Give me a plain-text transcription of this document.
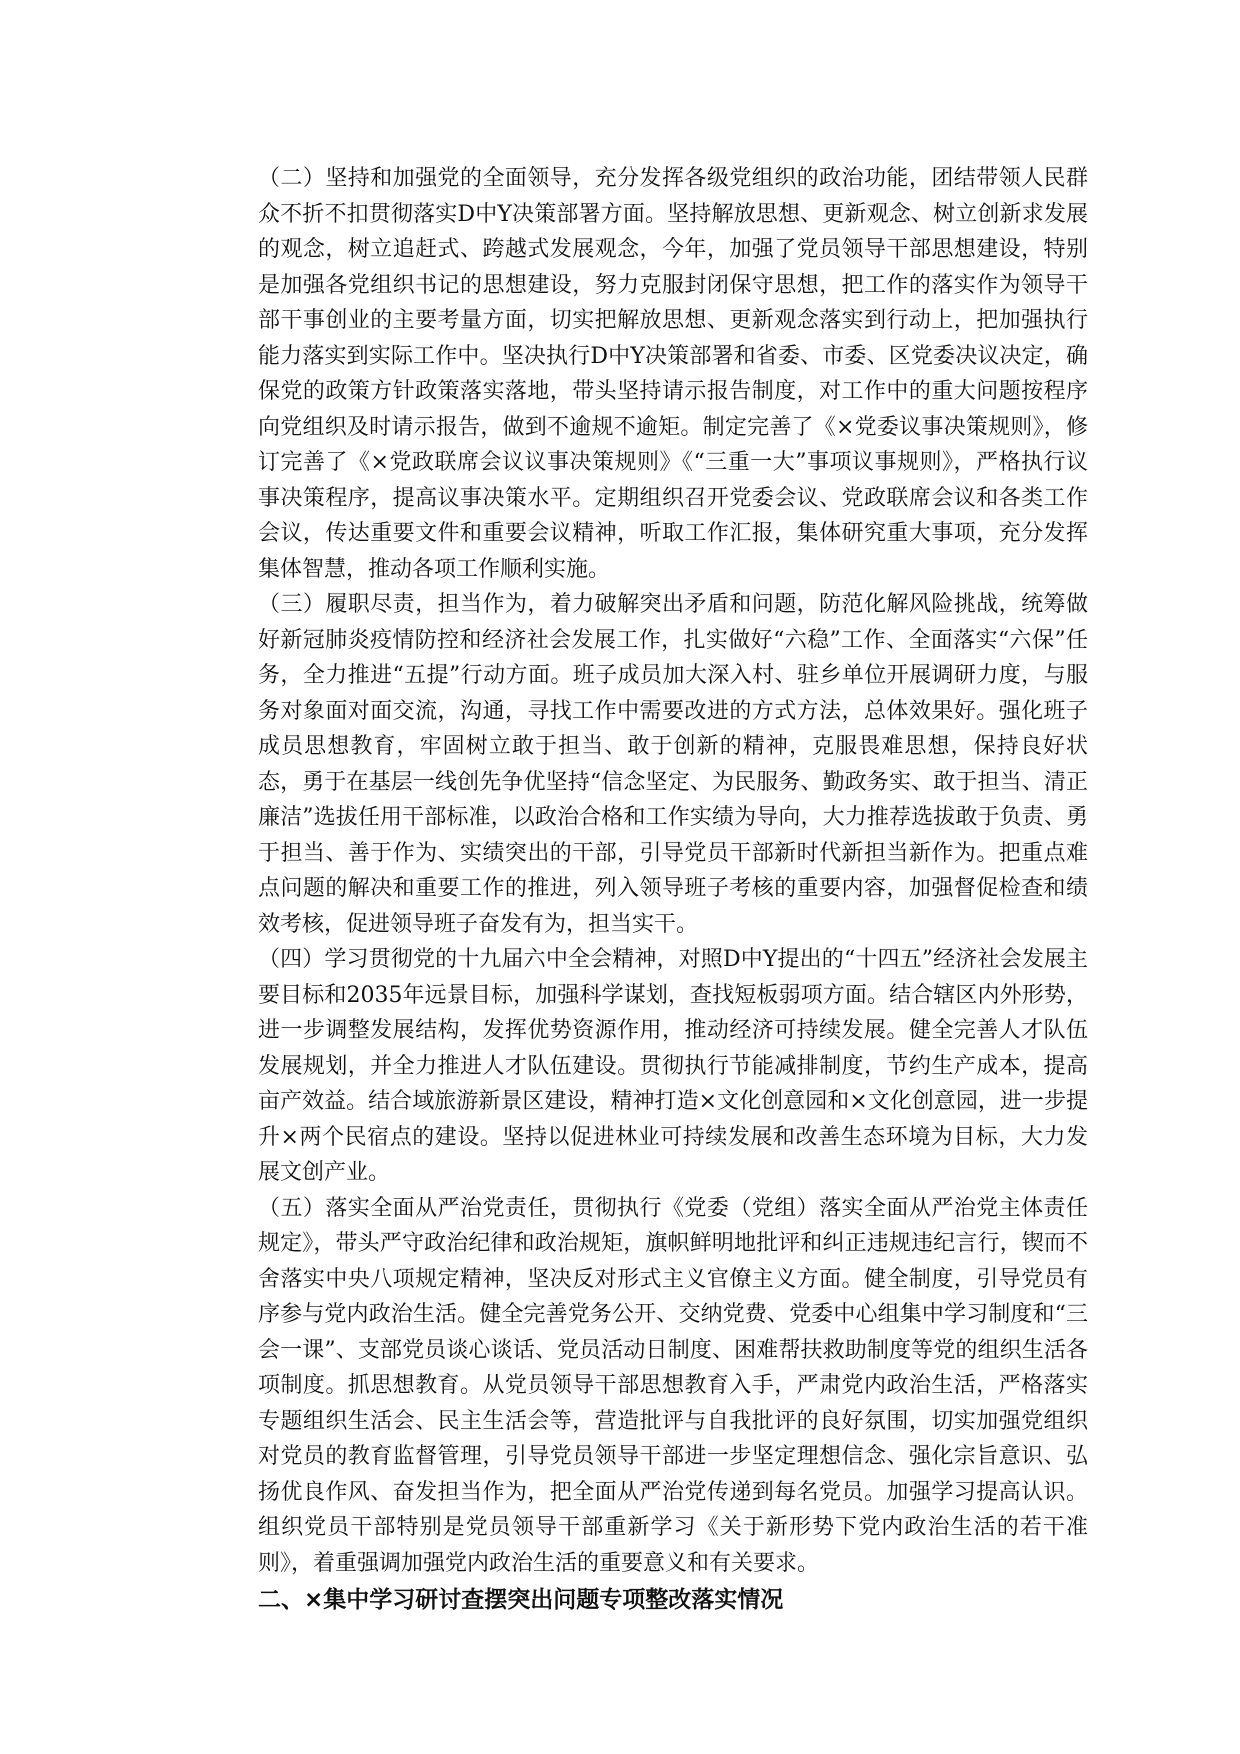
（二）坚持和加强党的全面领导，充分发挥各级党组织的政治功能，团结带领人民群众不折不扣贯彻落实D中Y决策部署方面。坚持解放思想、更新观念、树立创新求发展的观念，树立追赶式、跨越式发展观念，今年，加强了党员领导干部思想建设，特别是加强各党组织书记的思想建设，努力克服封闭保守思想，把工作的落实作为领导干部干事创业的主要考量方面，切实把解放思想、更新观念落实到行动上，把加强执行能力落实到实际工作中。坚决执行D中Y决策部署和省委、市委、区党委决议决定，确保党的政策方针政策落实落地，带头坚持请示报告制度，对工作中的重大问题按程序向党组织及时请示报告，做到不逾规不逾矩。制定完善了《×党委议事决策规则》，修订完善了《×党政联席会议议事决策规则》《“三重一大”事项议事规则》，严格执行议事决策程序，提高议事决策水平。定期组织召开党委会议、党政联席会议和各类工作会议，传达重要文件和重要会议精神，听取工作汇报，集体研究重大事项，充分发挥集体智慧，推动各项工作顺利实施。

（三）履职尽责，担当作为，着力破解突出矛盾和问题，防范化解风险挑战，统筹做好新冠肺炎疫情防控和经济社会发展工作，扎实做好“六稳”工作、全面落实“六保”任务，全力推进“五提”行动方面。班子成员加大深入村、驻乡单位开展调研力度，与服务对象面对面交流，沟通，寻找工作中需要改进的方式方法，总体效果好。强化班子成员思想教育，牢固树立敢于担当、敢于创新的精神，克服畏难思想，保持良好状态，勇于在基层一线创先争优坚持“信念坚定、为民服务、勤政务实、敢于担当、清正廉洁”选拔任用干部标准，以政治合格和工作实绩为导向，大力推荐选拔敢于负责、勇于担当、善于作为、实绩突出的干部，引导党员干部新时代新担当新作为。把重点难点问题的解决和重要工作的推进，列入领导班子考核的重要内容，加强督促检查和绩效考核，促进领导班子奋发有为，担当实干。

（四）学习贯彻党的十九届六中全会精神，对照D中Y提出的“十四五”经济社会发展主要目标和2035年远景目标，加强科学谋划，查找短板弱项方面。结合辖区内外形势，进一步调整发展结构，发挥优势资源作用，推动经济可持续发展。健全完善人才队伍发展规划，并全力推进人才队伍建设。贯彻执行节能减排制度，节约生产成本，提高亩产效益。结合域旅游新景区建设，精神打造×文化创意园和×文化创意园，进一步提升×两个民宿点的建设。坚持以促进林业可持续发展和改善生态环境为目标，大力发展文创产业。

（五）落实全面从严治党责任，贯彻执行《党委（党组）落实全面从严治党主体责任规定》，带头严守政治纪律和政治规矩，旗帜鲜明地批评和纠正违规违纪言行，锲而不舍落实中央八项规定精神，坚决反对形式主义官僚主义方面。健全制度，引导党员有序参与党内政治生活。健全完善党务公开、交纳党费、党委中心组集中学习制度和“三会一课”、支部党员谈心谈话、党员活动日制度、困难帮扶救助制度等党的组织生活各项制度。抓思想教育。从党员领导干部思想教育入手，严肃党内政治生活，严格落实专题组织生活会、民主生活会等，营造批评与自我批评的良好氛围，切实加强党组织对党员的教育监督管理，引导党员领导干部进一步坚定理想信念、强化宗旨意识、弘扬优良作风、奋发担当作为，把全面从严治党传递到每名党员。加强学习提高认识。组织党员干部特别是党员领导干部重新学习《关于新形势下党内政治生活的若干准则》，着重强调加强党内政治生活的重要意义和有关要求。

二、×集中学习研讨查摆突出问题专项整改落实情况
